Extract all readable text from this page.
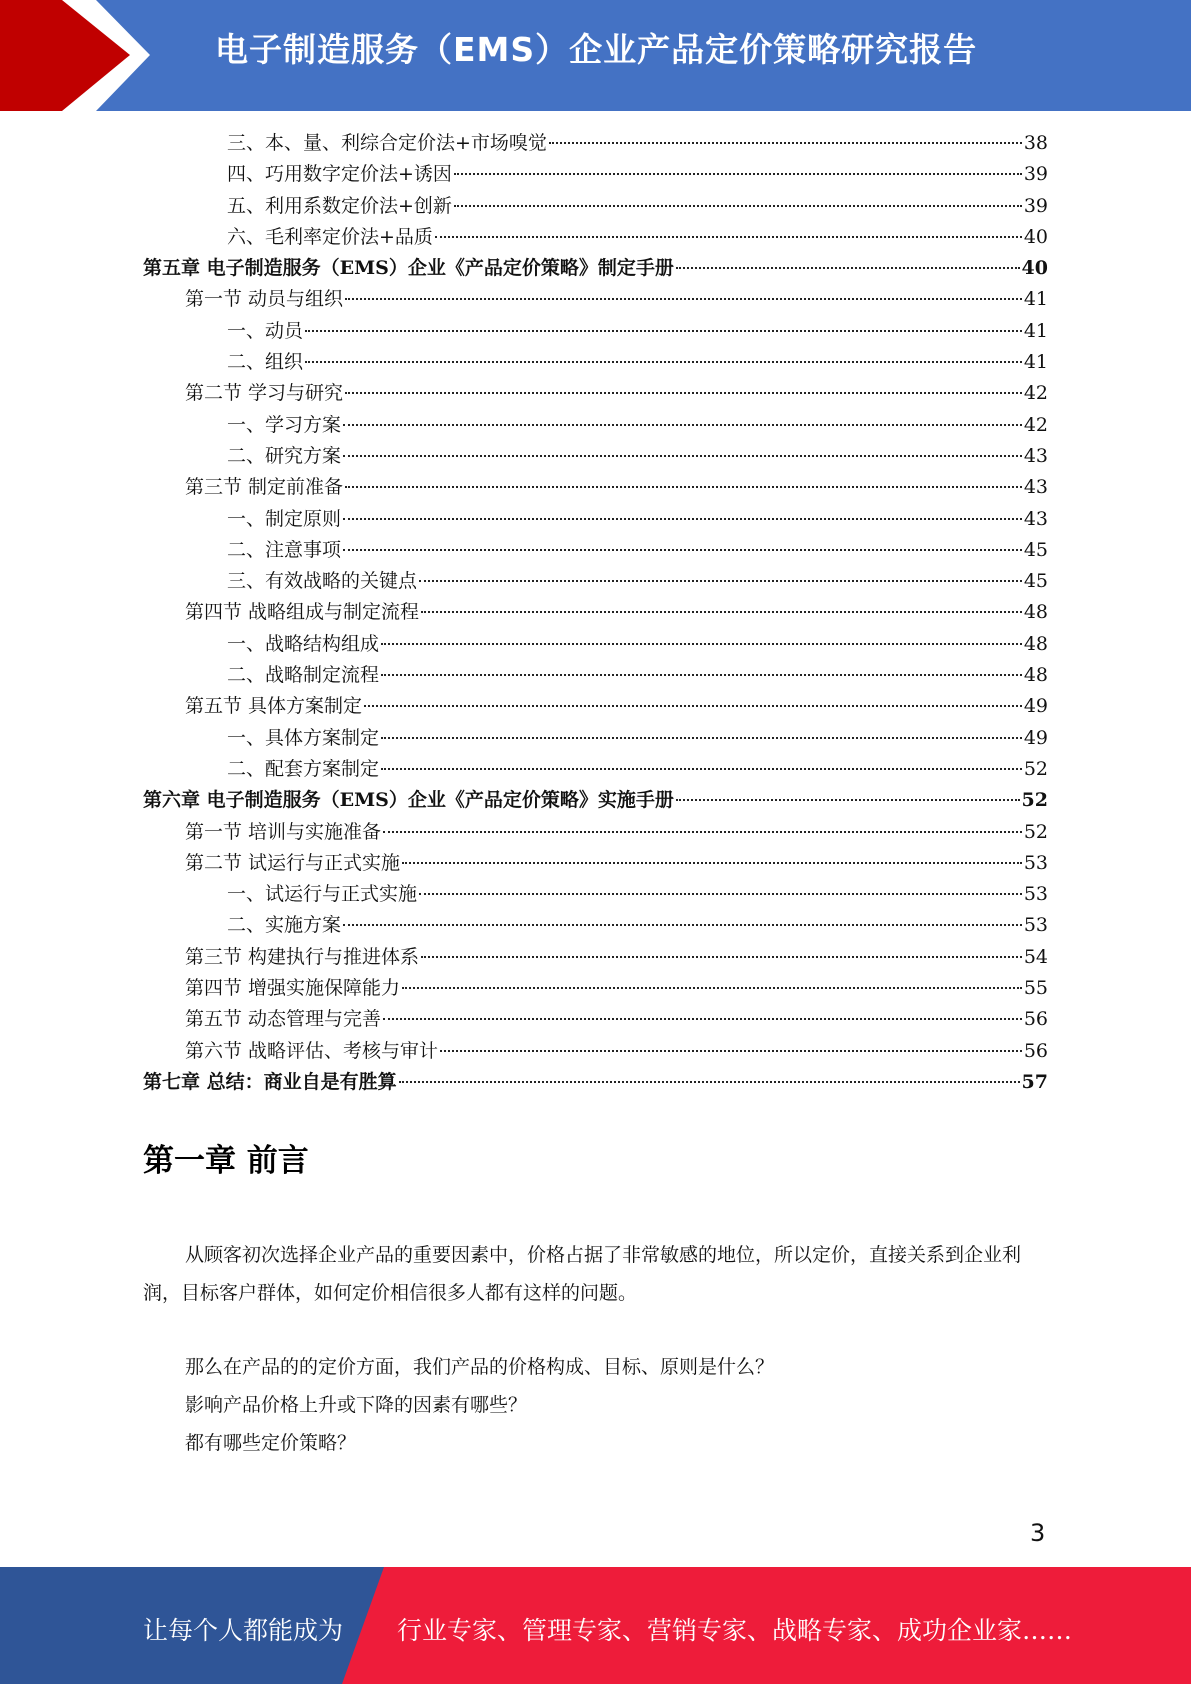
电子制造服务（EMS）企业产品定价策略研究报告
三、本、量、利综合定价法+市场嗅觉	38
四、巧用数字定价法+诱因	39
五、利用系数定价法+创新	39
六、毛利率定价法+品质	40
第五章 电子制造服务（EMS）企业《产品定价策略》制定手册	40
第一节 动员与组织	41
一、动员	41
二、组织	41
第二节 学习与研究	42
一、学习方案	42
二、研究方案	43
第三节 制定前准备	43
一、制定原则	43
二、注意事项	45
三、有效战略的关键点	45
第四节 战略组成与制定流程	48
一、战略结构组成	48
二、战略制定流程	48
第五节 具体方案制定	49
一、具体方案制定	49
二、配套方案制定	52
第六章 电子制造服务（EMS）企业《产品定价策略》实施手册	52
第一节 培训与实施准备	52
第二节 试运行与正式实施	53
一、试运行与正式实施	53
二、实施方案	53
第三节 构建执行与推进体系	54
第四节 增强实施保障能力	55
第五节 动态管理与完善	56
第六节 战略评估、考核与审计	56
第七章 总结：商业自是有胜算	57
第一章 前言
从顾客初次选择企业产品的重要因素中，价格占据了非常敏感的地位，所以定价，直接关系到企业利润，目标客户群体，如何定价相信很多人都有这样的问题。
那么在产品的的定价方面，我们产品的价格构成、目标、原则是什么？
影响产品价格上升或下降的因素有哪些？
都有哪些定价策略？
3
让每个人都能成为 行业专家、管理专家、营销专家、战略专家、成功企业家……
